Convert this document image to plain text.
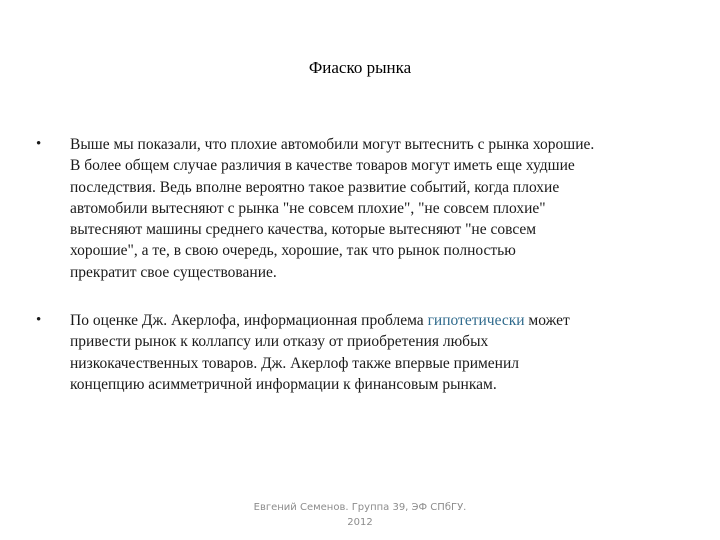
Фиаско рынка
• Выше мы показали, что плохие автомобили могут вытеснить с рынка хорошие.
В более общем случае различия в качестве товаров могут иметь еще худшие
последствия. Ведь вполне вероятно такое развитие событий, когда плохие
автомобили вытесняют с рынка "не совсем плохие", "не совсем плохие"
вытесняют машины среднего качества, которые вытесняют "не совсем
хорошие", а те, в свою очередь, хорошие, так что рынок полностью
прекратит свое существование.
• По оценке Дж. Акерлофа, информационная проблема гипотетически может
привести рынок к коллапсу или отказу от приобретения любых
низкокачественных товаров. Дж. Акерлоф также впервые применил
концепцию асимметричной информации к финансовым рынкам.
Евгений Семенов. Группа 39, ЭФ СПбГУ.
2012
